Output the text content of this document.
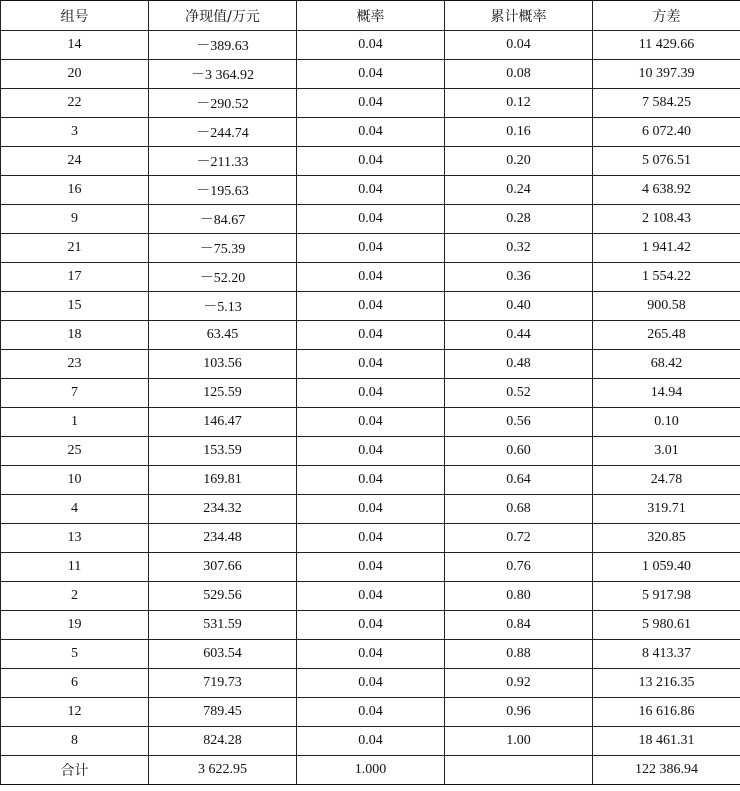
组号	净现值/万元	概率	累计概率	方差
14	－389.63	0.04	0.04	11 429.66
20	－3 364.92	0.04	0.08	10 397.39
22	－290.52	0.04	0.12	7 584.25
3	－244.74	0.04	0.16	6 072.40
24	－211.33	0.04	0.20	5 076.51
16	－195.63	0.04	0.24	4 638.92
9	－84.67	0.04	0.28	2 108.43
21	－75.39	0.04	0.32	1 941.42
17	－52.20	0.04	0.36	1 554.22
15	－5.13	0.04	0.40	900.58
18	63.45	0.04	0.44	265.48
23	103.56	0.04	0.48	68.42
7	125.59	0.04	0.52	14.94
1	146.47	0.04	0.56	0.10
25	153.59	0.04	0.60	3.01
10	169.81	0.04	0.64	24.78
4	234.32	0.04	0.68	319.71
13	234.48	0.04	0.72	320.85
11	307.66	0.04	0.76	1 059.40
2	529.56	0.04	0.80	5 917.98
19	531.59	0.04	0.84	5 980.61
5	603.54	0.04	0.88	8 413.37
6	719.73	0.04	0.92	13 216.35
12	789.45	0.04	0.96	16 616.86
8	824.28	0.04	1.00	18 461.31
合计	3 622.95	1.000		122 386.94
